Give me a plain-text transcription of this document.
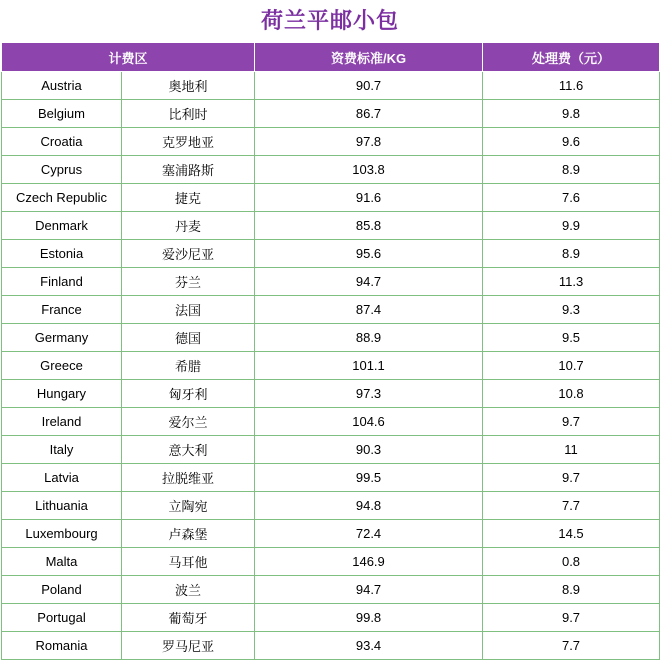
荷兰平邮小包
计费区		资费标准/KG	处理费（元）
Austria	奥地利	90.7	11.6
Belgium	比利时	86.7	9.8
Croatia	克罗地亚	97.8	9.6
Cyprus	塞浦路斯	103.8	8.9
Czech Republic	捷克	91.6	7.6
Denmark	丹麦	85.8	9.9
Estonia	爱沙尼亚	95.6	8.9
Finland	芬兰	94.7	11.3
France	法国	87.4	9.3
Germany	德国	88.9	9.5
Greece	希腊	101.1	10.7
Hungary	匈牙利	97.3	10.8
Ireland	爱尔兰	104.6	9.7
Italy	意大利	90.3	11
Latvia	拉脱维亚	99.5	9.7
Lithuania	立陶宛	94.8	7.7
Luxembourg	卢森堡	72.4	14.5
Malta	马耳他	146.9	0.8
Poland	波兰	94.7	8.9
Portugal	葡萄牙	99.8	9.7
Romania	罗马尼亚	93.4	7.7
